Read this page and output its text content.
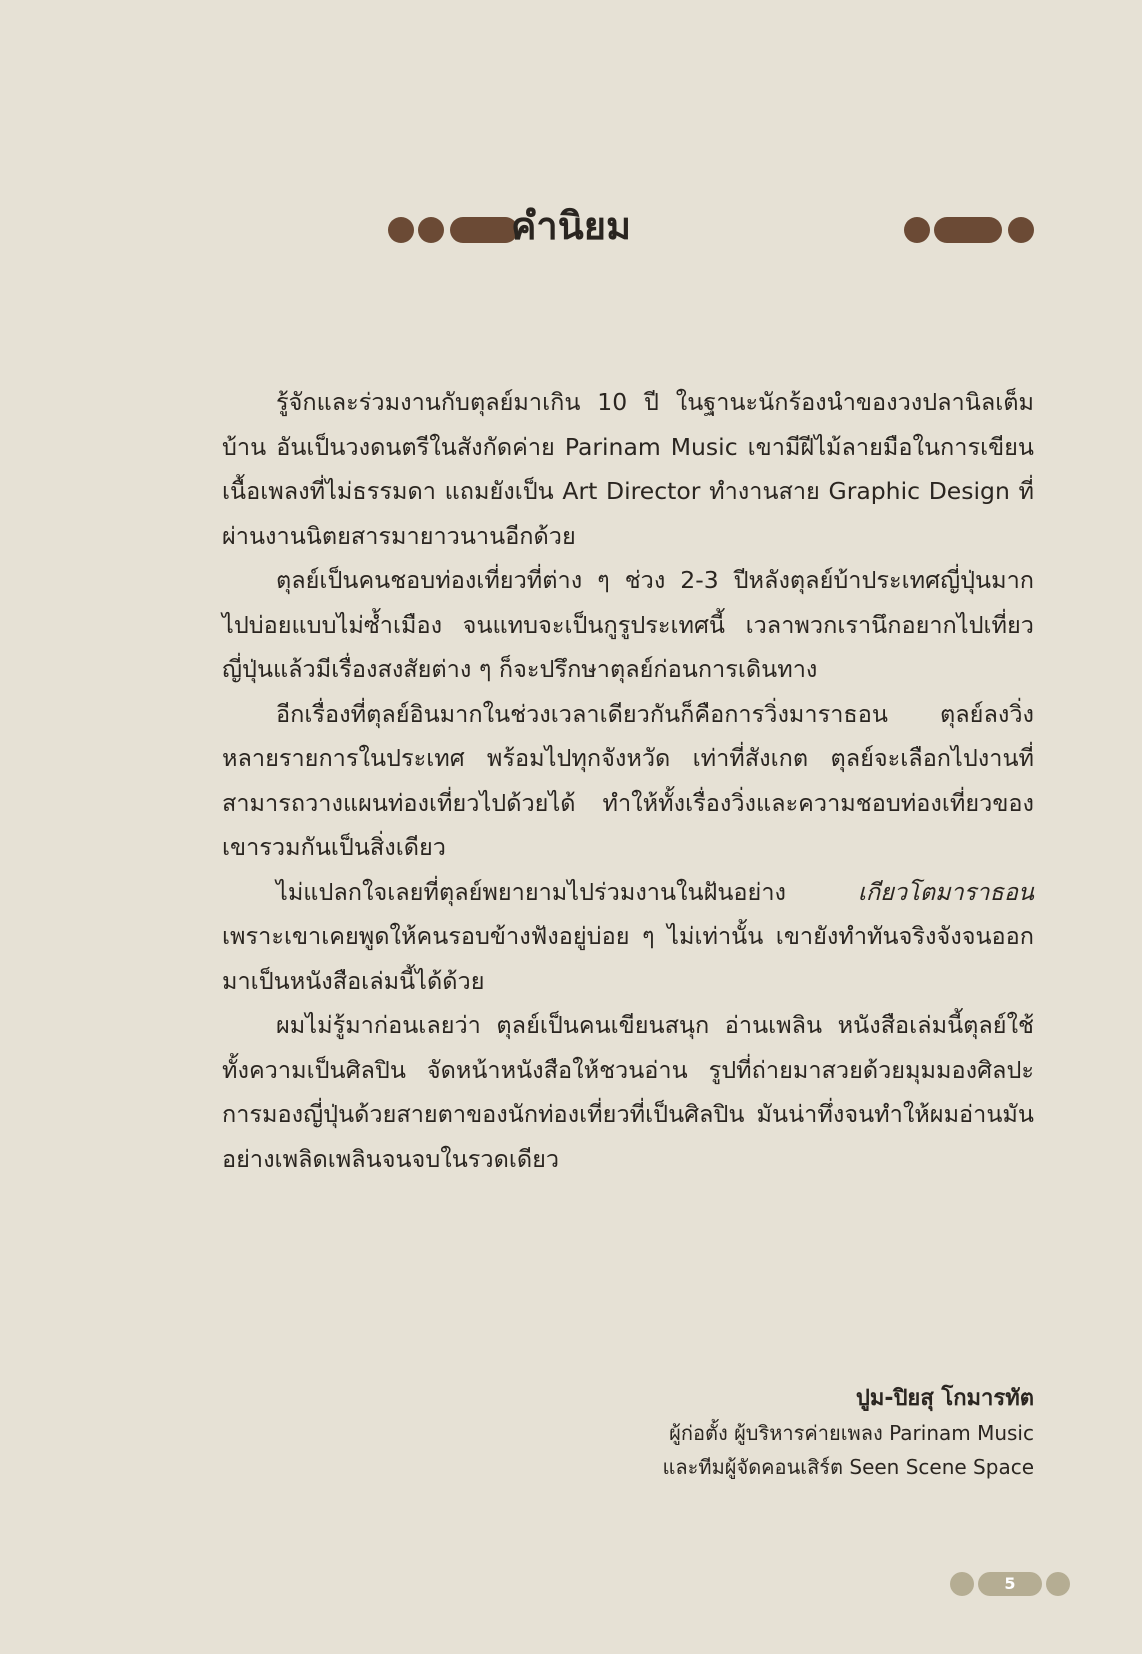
คำนิยม

รู้จักและร่วมงานกับตุลย์มาเกิน 10 ปี ในฐานะนักร้องนำของวงปลานิลเต็มบ้าน อันเป็นวงดนตรีในสังกัดค่าย Parinam Music เขามีฝีไม้ลายมือในการเขียนเนื้อเพลงที่ไม่ธรรมดา แถมยังเป็น Art Director ทำงานสาย Graphic Design ที่ผ่านงานนิตยสารมายาวนานอีกด้วย

ตุลย์เป็นคนชอบท่องเที่ยวที่ต่าง ๆ ช่วง 2-3 ปีหลังตุลย์บ้าประเทศญี่ปุ่นมาก ไปบ่อยแบบไม่ซ้ำเมือง จนแทบจะเป็นกูรูประเทศนี้ เวลาพวกเรานึกอยากไปเที่ยวญี่ปุ่นแล้วมีเรื่องสงสัยต่าง ๆ ก็จะปรึกษาตุลย์ก่อนการเดินทาง

อีกเรื่องที่ตุลย์อินมากในช่วงเวลาเดียวกันก็คือการวิ่งมาราธอน ตุลย์ลงวิ่งหลายรายการในประเทศ พร้อมไปทุกจังหวัด เท่าที่สังเกต ตุลย์จะเลือกไปงานที่สามารถวางแผนท่องเที่ยวไปด้วยได้ ทำให้ทั้งเรื่องวิ่งและความชอบท่องเที่ยวของเขารวมกันเป็นสิ่งเดียว

ไม่แปลกใจเลยที่ตุลย์พยายามไปร่วมงานในฝันอย่าง เกียวโตมาราธอน เพราะเขาเคยพูดให้คนรอบข้างฟังอยู่บ่อย ๆ ไม่เท่านั้น เขายังทำทันจริงจังจนออกมาเป็นหนังสือเล่มนี้ได้ด้วย

ผมไม่รู้มาก่อนเลยว่า ตุลย์เป็นคนเขียนสนุก อ่านเพลิน หนังสือเล่มนี้ตุลย์ใช้ทั้งความเป็นศิลปิน จัดหน้าหนังสือให้ชวนอ่าน รูปที่ถ่ายมาสวยด้วยมุมมองศิลปะ การมองญี่ปุ่นด้วยสายตาของนักท่องเที่ยวที่เป็นศิลปิน มันน่าทึ่งจนทำให้ผมอ่านมันอย่างเพลิดเพลินจนจบในรวดเดียว

ปูม-ปิยสุ โกมารทัต
ผู้ก่อตั้ง ผู้บริหารค่ายเพลง Parinam Music
และทีมผู้จัดคอนเสิร์ต Seen Scene Space
5
